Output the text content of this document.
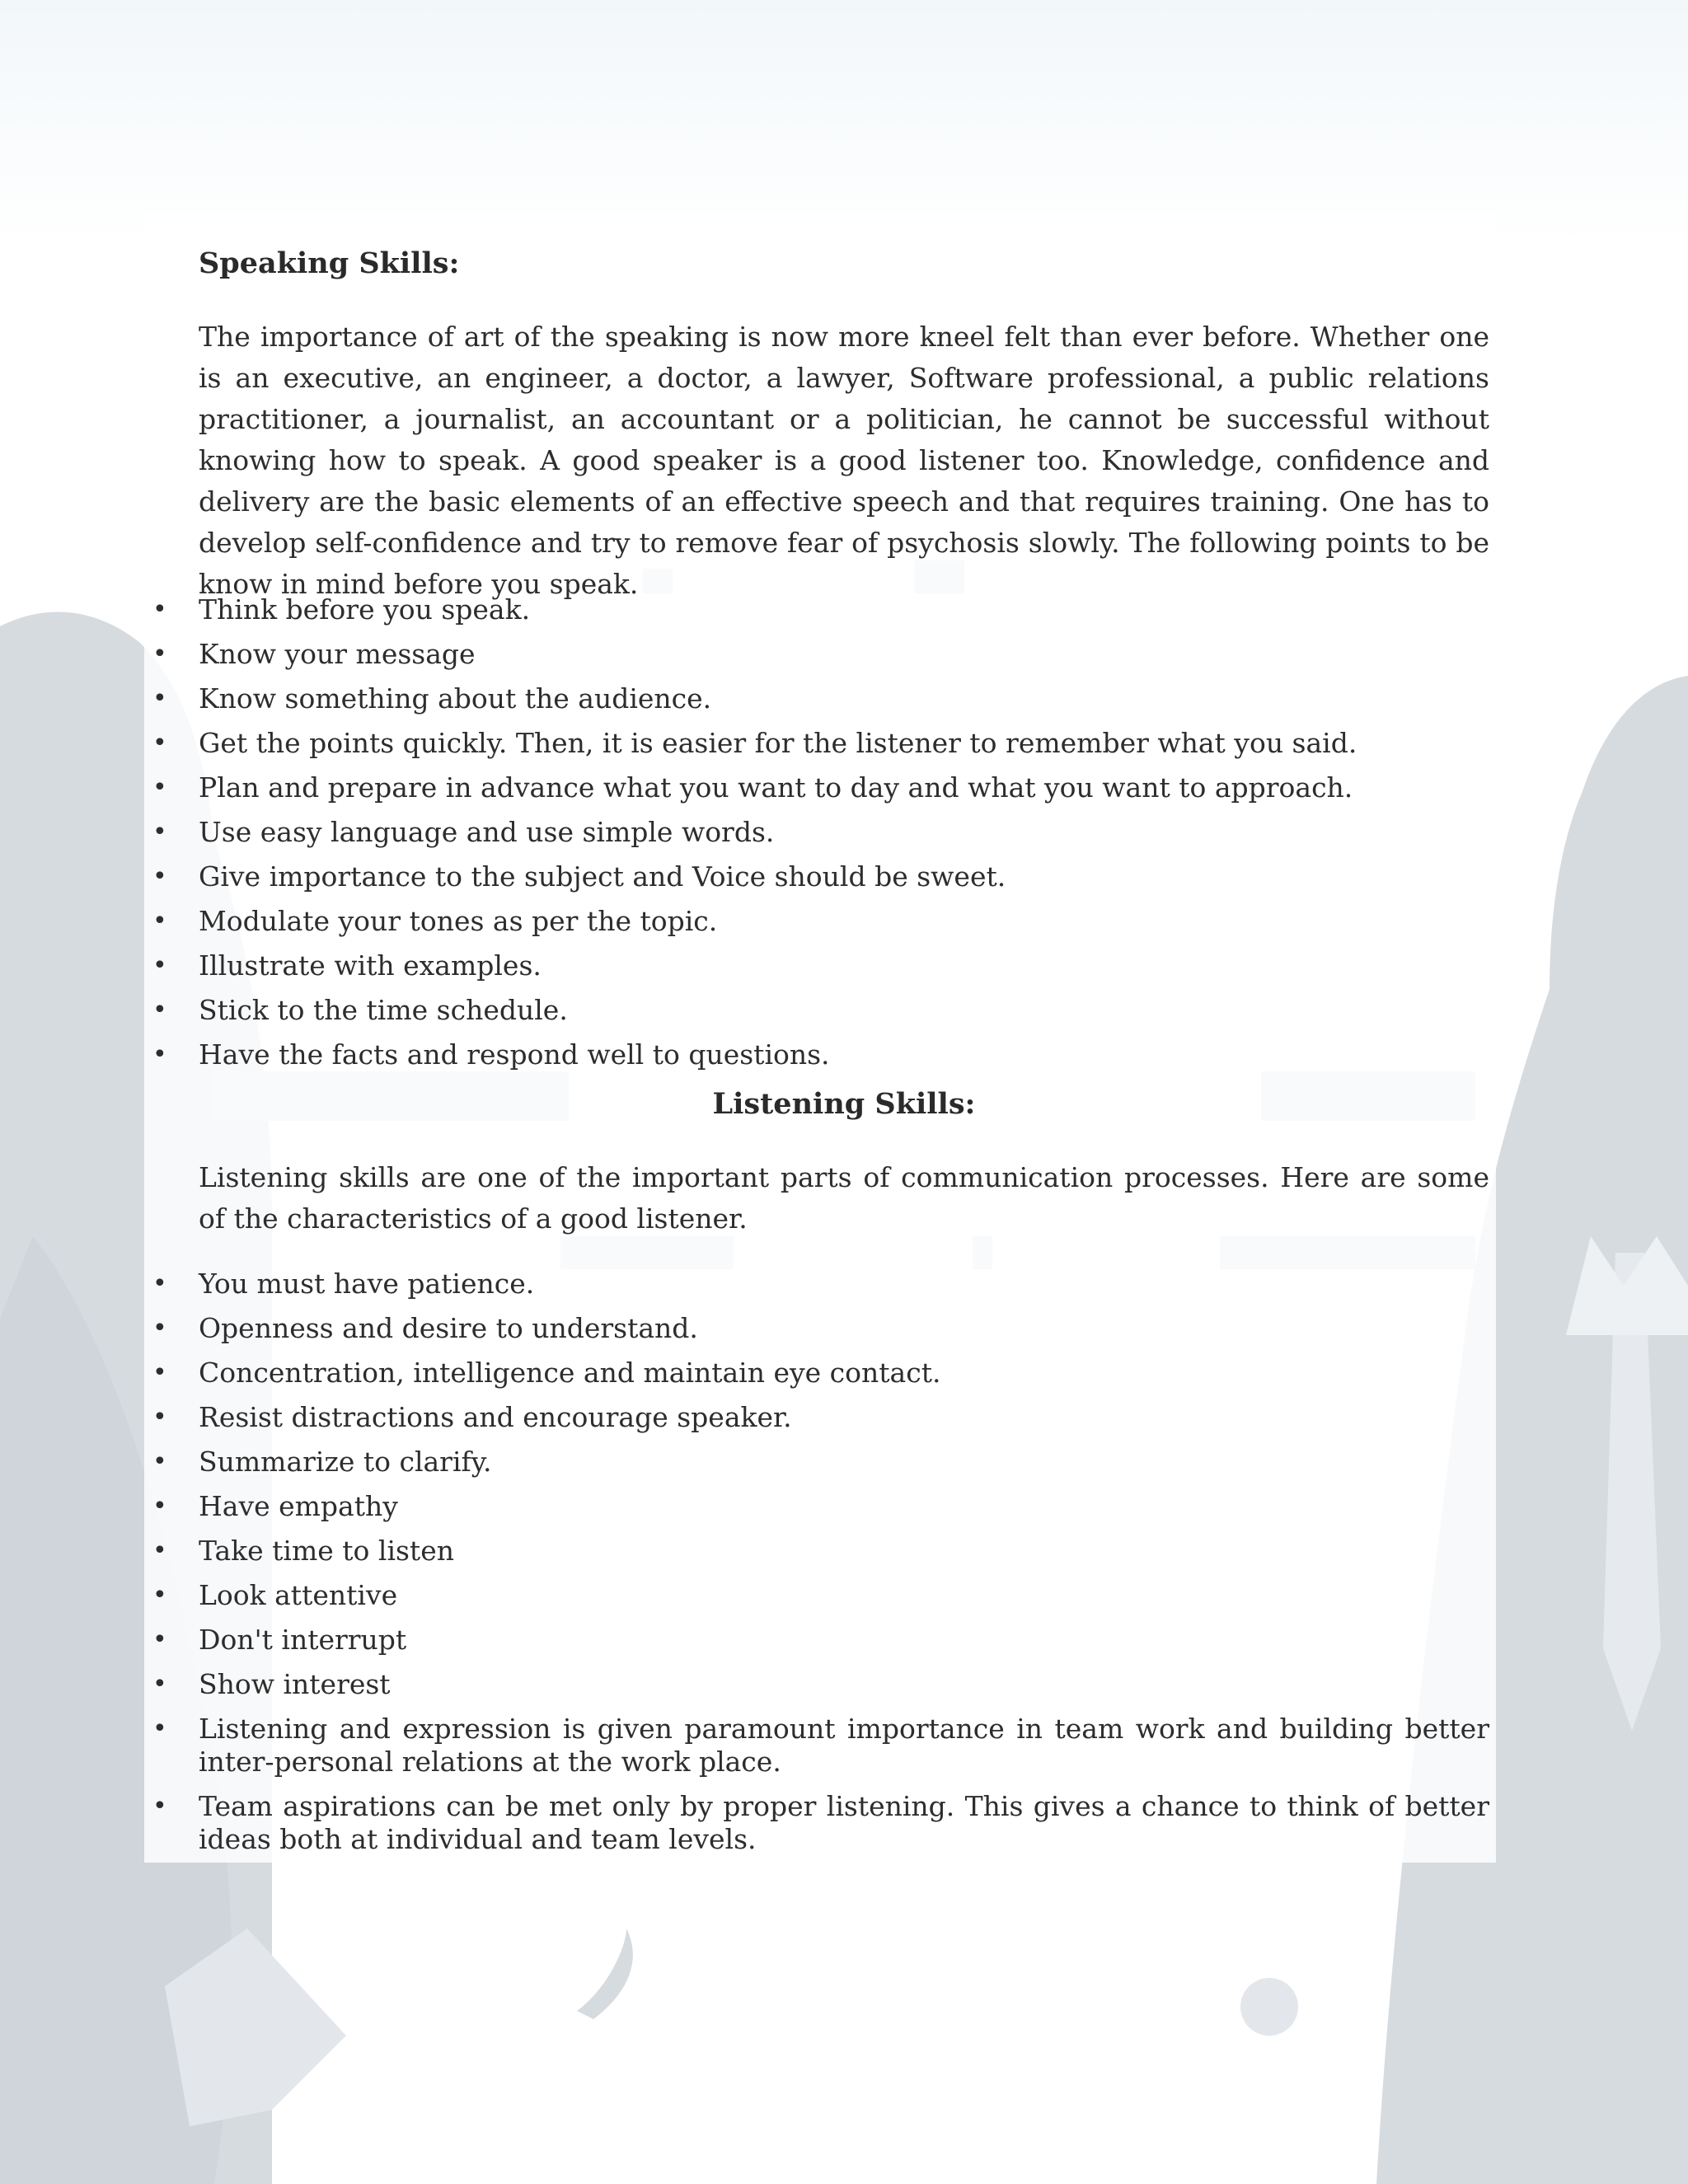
Speaking Skills:

The importance of art of the speaking is now more kneel felt than ever before. Whether one is an executive, an engineer, a doctor, a lawyer, Software professional, a public relations practitioner, a journalist, an accountant or a politician, he cannot be successful without knowing how to speak. A good speaker is a good listener too. Knowledge, confidence and delivery are the basic elements of an effective speech and that requires training. One has to develop self-confidence and try to remove fear of psychosis slowly. The following points to be know in mind before you speak.

• Think before you speak.
• Know your message
• Know something about the audience.
• Get the points quickly. Then, it is easier for the listener to remember what you said.
• Plan and prepare in advance what you want to day and what you want to approach.
• Use easy language and use simple words.
• Give importance to the subject and Voice should be sweet.
• Modulate your tones as per the topic.
• Illustrate with examples.
• Stick to the time schedule.
• Have the facts and respond well to questions.
Listening Skills:

Listening skills are one of the important parts of communication processes. Here are some of the characteristics of a good listener.

• You must have patience.
• Openness and desire to understand.
• Concentration, intelligence and maintain eye contact.
• Resist distractions and encourage speaker.
• Summarize to clarify.
• Have empathy
• Take time to listen
• Look attentive
• Don't interrupt
• Show interest
• Listening and expression is given paramount importance in team work and building better inter-personal relations at the work place.
• Team aspirations can be met only by proper listening. This gives a chance to think of better ideas both at individual and team levels.
